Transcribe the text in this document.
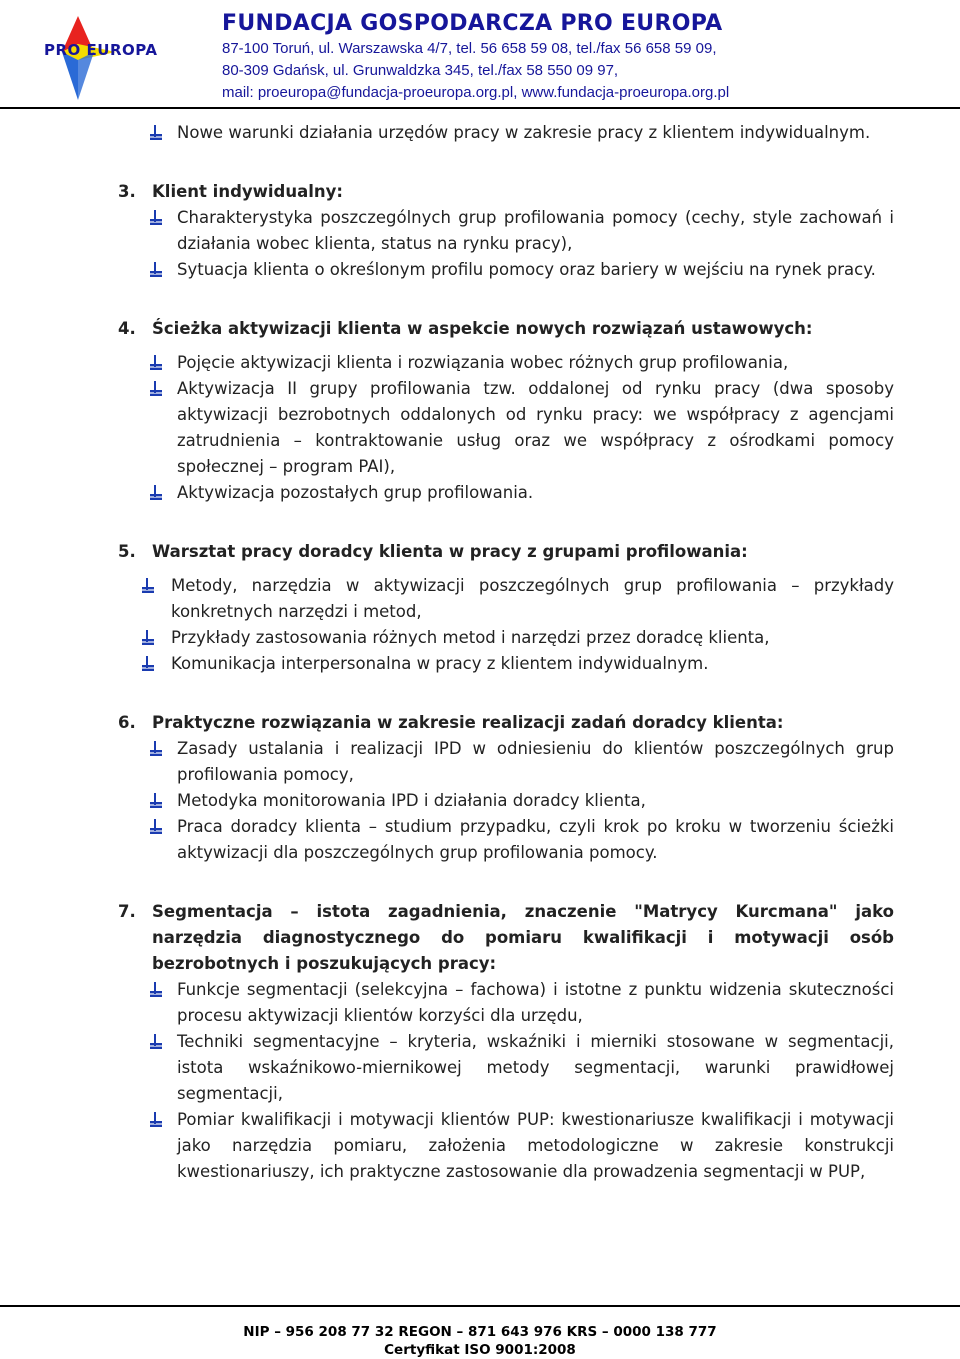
PRO EUROPA
FUNDACJA GOSPODARCZA PRO EUROPA
87-100 Toruń, ul. Warszawska 4/7, tel. 56 658 59 08, tel./fax 56 658 59 09,
80-309 Gdańsk, ul. Grunwaldzka 345, tel./fax 58 550 09 97,
mail: proeuropa@fundacja-proeuropa.org.pl, www.fundacja-proeuropa.org.pl
Nowe warunki działania urzędów pracy w zakresie pracy z klientem indywidualnym.
3. Klient indywidualny:
Charakterystyka poszczególnych grup profilowania pomocy (cechy, style zachowań i działania wobec klienta, status na rynku pracy),
Sytuacja klienta o określonym profilu pomocy oraz bariery w wejściu na rynek pracy.
4. Ścieżka aktywizacji klienta w aspekcie nowych rozwiązań ustawowych:
Pojęcie aktywizacji klienta i rozwiązania wobec różnych grup profilowania,
Aktywizacja II grupy profilowania tzw. oddalonej od rynku pracy (dwa sposoby aktywizacji bezrobotnych oddalonych od rynku pracy: we współpracy z agencjami zatrudnienia – kontraktowanie usług oraz we współpracy z ośrodkami pomocy społecznej – program PAI),
Aktywizacja pozostałych grup profilowania.
5. Warsztat pracy doradcy klienta w pracy z grupami profilowania:
Metody, narzędzia w aktywizacji poszczególnych grup profilowania – przykłady konkretnych narzędzi i metod,
Przykłady zastosowania różnych metod i narzędzi przez doradcę klienta,
Komunikacja interpersonalna w pracy z klientem indywidualnym.
6. Praktyczne rozwiązania w zakresie realizacji zadań doradcy klienta:
Zasady ustalania i realizacji IPD w odniesieniu do klientów poszczególnych grup profilowania pomocy,
Metodyka monitorowania IPD i działania doradcy klienta,
Praca doradcy klienta – studium przypadku, czyli krok po kroku w tworzeniu ścieżki aktywizacji dla poszczególnych grup profilowania pomocy.
7. Segmentacja – istota zagadnienia, znaczenie "Matrycy Kurcmana" jako narzędzia diagnostycznego do pomiaru kwalifikacji i motywacji osób bezrobotnych i poszukujących pracy:
Funkcje segmentacji (selekcyjna – fachowa) i istotne z punktu widzenia skuteczności procesu aktywizacji klientów korzyści dla urzędu,
Techniki segmentacyjne – kryteria, wskaźniki i mierniki stosowane w segmentacji, istota wskaźnikowo-miernikowej metody segmentacji, warunki prawidłowej segmentacji,
Pomiar kwalifikacji i motywacji klientów PUP: kwestionariusze kwalifikacji i motywacji jako narzędzia pomiaru, założenia metodologiczne w zakresie konstrukcji kwestionariuszy, ich praktyczne zastosowanie dla prowadzenia segmentacji w PUP,
NIP – 956 208 77 32 REGON – 871 643 976 KRS – 0000 138 777
Certyfikat ISO 9001:2008
